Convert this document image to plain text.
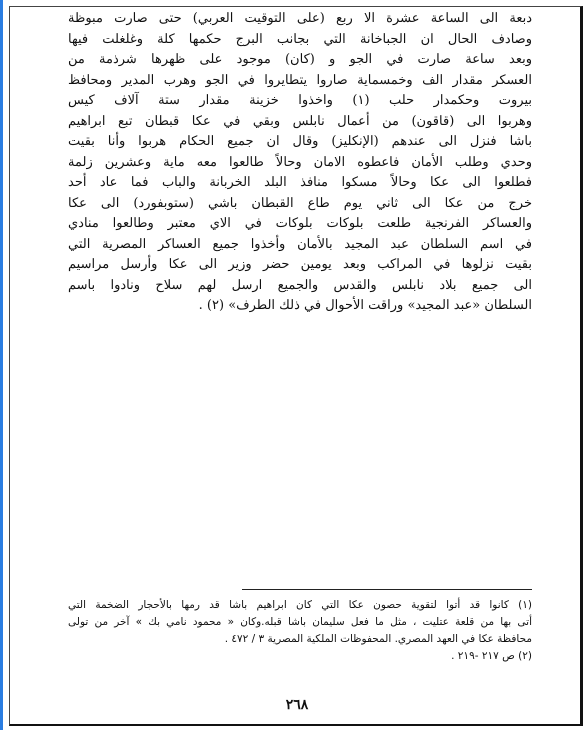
دبعة الى الساعة عشرة الا ربع (على التوقيت العربي) حتى صارت مبوظة
وصادف الحال ان الجباخانة التي بجانب البرج حكمها كلة وغلغلت فيها
وبعد ساعة صارت في الجو و (كان) موجود على ظهرها شرذمة من
العسكر مقدار الف وخمسماية صاروا يتطايروا في الجو وهرب المدير ومحافظ
بيروت وحكمدار حلب (١) واخذوا خزينة مقدار ستة آلاف كيس
وهربوا الى (قاقون) من أعمال نابلس وبقي في عكا قبطان تبع ابراهيم
باشا فنزل الى عندهم (الإنكليز) وقال ان جميع الحكام هربوا وأنا بقيت
وحدي وطلب الأمان فاعطوه الامان وحالاً طالعوا معه ماية وعشرين زلمة
فطلعوا الى عكا وحالاً مسكوا منافذ البلد الخربانة والباب فما عاد أحد
خرج من عكا الى ثاني يوم طاع القبطان باشي (ستوبفورد) الى عكا
والعساكر الفرنجية طلعت بلوكات بلوكات في الاي معتبر وطالعوا منادي
في اسم السلطان عبد المجيد بالأمان وأخذوا جميع العساكر المصرية التي
بقيت نزلوها في المراكب وبعد يومين حضر وزير الى عكا وأرسل مراسيم
الى جميع بلاد نابلس والقدس والجميع ارسل لهم سلاح ونادوا باسم
السلطان «عبد المجيد» وراقت الأحوال في ذلك الطرف» (٢) .
(١) كانوا قد أتوا لتقوية حصون عكا التي كان ابراهيم باشا قد رمها بالأحجار الضخمة التي
أتى بها من قلعة عتليت ، مثل ما فعل سليمان باشا قبله.وكان « محمود نامي بك » آخر من تولى
محافظة عكا في العهد المصري. المحفوظات الملكية المصرية ٣ / ٤٧٢ .
(٢) ص ٢١٧ -٢١٩ .
٢٦٨
